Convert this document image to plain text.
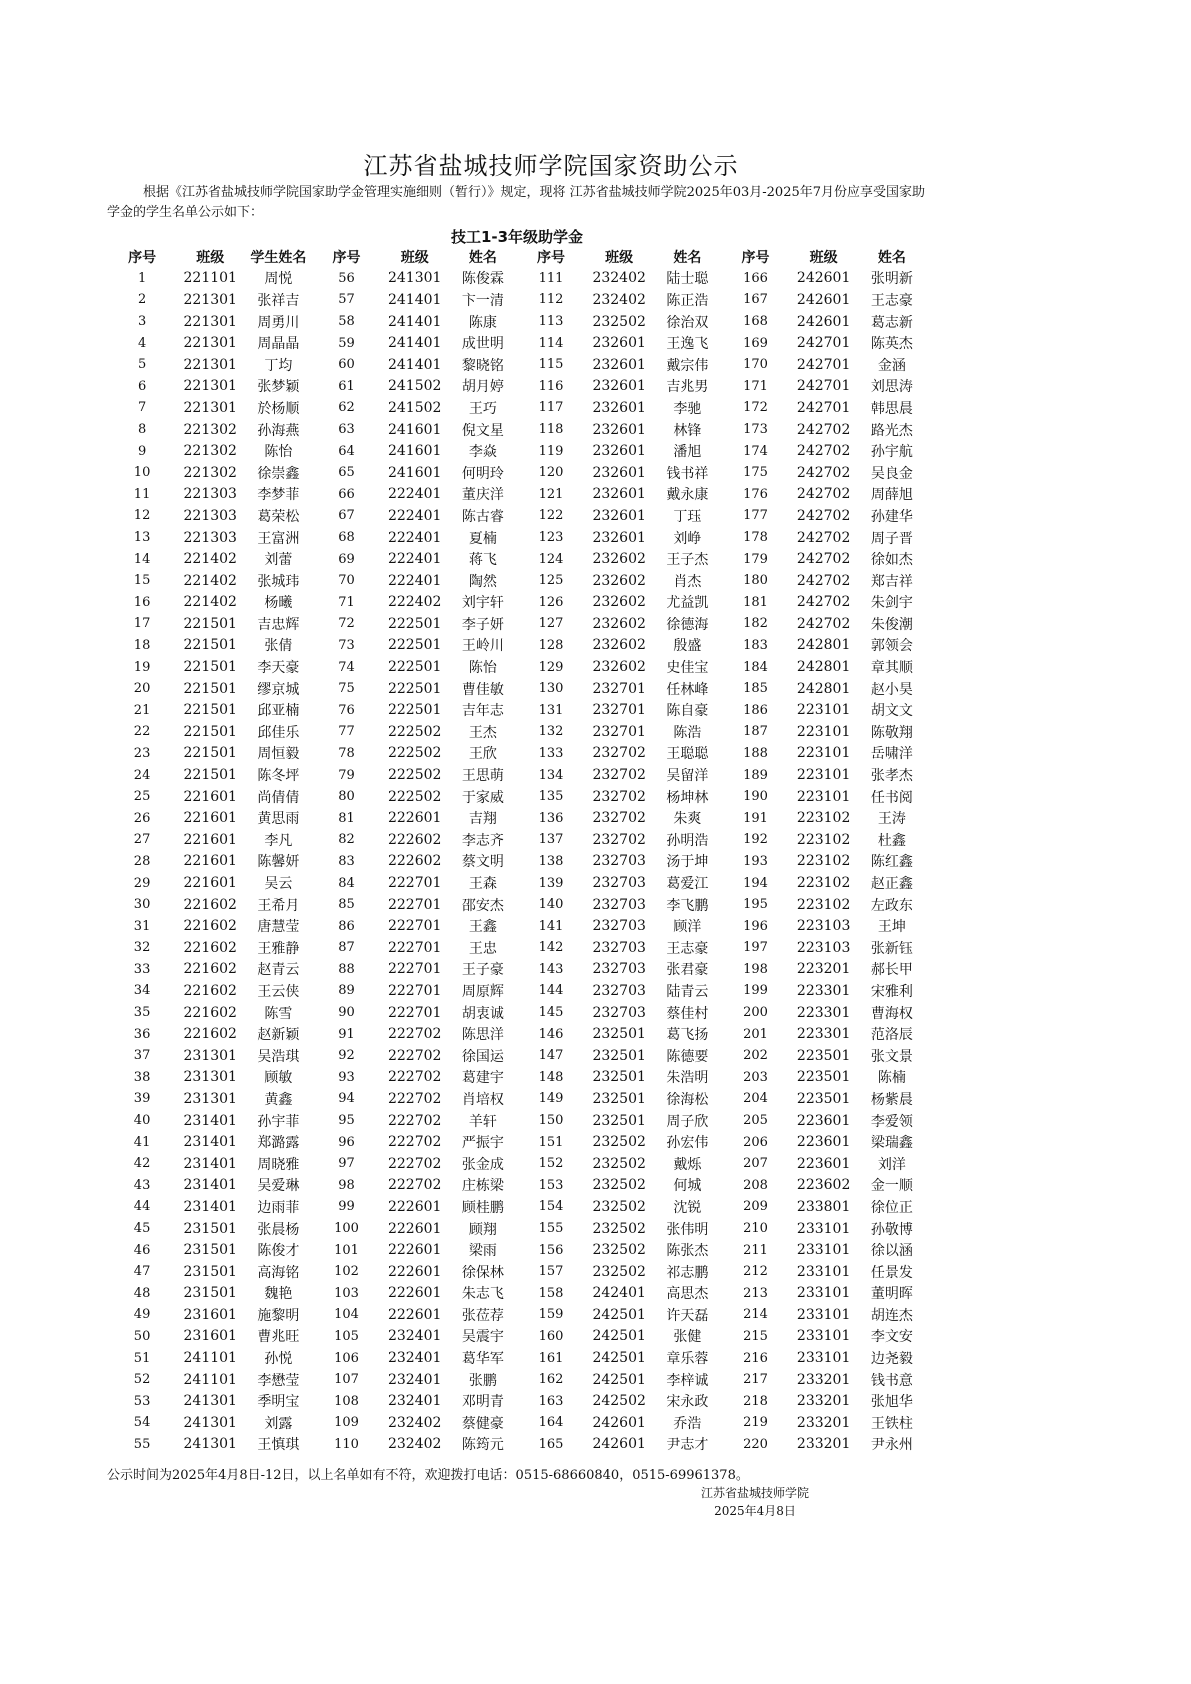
江苏省盐城技师学院国家资助公示
根据《江苏省盐城技师学院国家助学金管理实施细则（暂行）》规定，现将 江苏省盐城技师学院2025年03月-2025年7月份应享受国家助学金的学生名单公示如下：
技工1-3年级助学金
序号	班级	学生姓名	序号	班级	姓名	序号	班级	姓名	序号	班级	姓名
1	221101	周悦	56	241301	陈俊霖	111	232402	陆士聪	166	242601	张明新
2	221301	张祥吉	57	241401	卞一清	112	232402	陈正浩	167	242601	王志豪
3	221301	周勇川	58	241401	陈康	113	232502	徐治双	168	242601	葛志新
4	221301	周晶晶	59	241401	成世明	114	232601	王逸飞	169	242701	陈英杰
5	221301	丁均	60	241401	黎晓铭	115	232601	戴宗伟	170	242701	金涵
6	221301	张梦颖	61	241502	胡月婷	116	232601	吉兆男	171	242701	刘思涛
7	221301	於杨顺	62	241502	王巧	117	232601	李驰	172	242701	韩思晨
8	221302	孙海燕	63	241601	倪文星	118	232601	林锋	173	242702	路光杰
9	221302	陈怡	64	241601	李焱	119	232601	潘旭	174	242702	孙宇航
10	221302	徐崇鑫	65	241601	何明玲	120	232601	钱书祥	175	242702	吴良金
11	221303	李梦菲	66	222401	董庆洋	121	232601	戴永康	176	242702	周薛旭
12	221303	葛荣松	67	222401	陈古睿	122	232601	丁珏	177	242702	孙建华
13	221303	王富洲	68	222401	夏楠	123	232601	刘峥	178	242702	周子晋
14	221402	刘蕾	69	222401	蒋飞	124	232602	王子杰	179	242702	徐如杰
15	221402	张城玮	70	222401	陶然	125	232602	肖杰	180	242702	郑吉祥
16	221402	杨曦	71	222402	刘宇轩	126	232602	尤益凯	181	242702	朱剑宇
17	221501	吉忠辉	72	222501	李子妍	127	232602	徐德海	182	242702	朱俊潮
18	221501	张倩	73	222501	王岭川	128	232602	殷盛	183	242801	郭领会
19	221501	李天豪	74	222501	陈怡	129	232602	史佳宝	184	242801	章其顺
20	221501	缪京城	75	222501	曹佳敏	130	232701	任林峰	185	242801	赵小昊
21	221501	邱亚楠	76	222501	吉年志	131	232701	陈自豪	186	223101	胡文文
22	221501	邱佳乐	77	222502	王杰	132	232701	陈浩	187	223101	陈敬翔
23	221501	周恒毅	78	222502	王欣	133	232702	王聪聪	188	223101	岳啸洋
24	221501	陈冬坪	79	222502	王思萌	134	232702	吴留洋	189	223101	张孝杰
25	221601	尚倩倩	80	222502	于家威	135	232702	杨坤林	190	223101	任书阅
26	221601	黄思雨	81	222601	吉翔	136	232702	朱爽	191	223102	王涛
27	221601	李凡	82	222602	李志齐	137	232702	孙明浩	192	223102	杜鑫
28	221601	陈馨妍	83	222602	蔡文明	138	232703	汤于坤	193	223102	陈红鑫
29	221601	吴云	84	222701	王森	139	232703	葛爱江	194	223102	赵正鑫
30	221602	王希月	85	222701	邵安杰	140	232703	李飞鹏	195	223102	左政东
31	221602	唐慧莹	86	222701	王鑫	141	232703	顾洋	196	223103	王坤
32	221602	王雅静	87	222701	王忠	142	232703	王志豪	197	223103	张新钰
33	221602	赵青云	88	222701	王子豪	143	232703	张君豪	198	223201	郝长甲
34	221602	王云侠	89	222701	周原辉	144	232703	陆青云	199	223301	宋雅利
35	221602	陈雪	90	222701	胡衷诚	145	232703	蔡佳村	200	223301	曹海权
36	221602	赵新颖	91	222702	陈思洋	146	232501	葛飞扬	201	223301	范洛辰
37	231301	吴浩琪	92	222702	徐国运	147	232501	陈德要	202	223501	张文景
38	231301	顾敏	93	222702	葛建宇	148	232501	朱浩明	203	223501	陈楠
39	231301	黄鑫	94	222702	肖培权	149	232501	徐海松	204	223501	杨紫晨
40	231401	孙宇菲	95	222702	羊轩	150	232501	周子欣	205	223601	李爱领
41	231401	郑潞露	96	222702	严振宇	151	232502	孙宏伟	206	223601	梁瑞鑫
42	231401	周晓雅	97	222702	张金成	152	232502	戴烁	207	223601	刘洋
43	231401	吴爱琳	98	222702	庄栋梁	153	232502	何城	208	223602	金一顺
44	231401	边雨菲	99	222601	顾桂鹏	154	232502	沈锐	209	233801	徐位正
45	231501	张晨杨	100	222601	顾翔	155	232502	张伟明	210	233101	孙敬博
46	231501	陈俊才	101	222601	梁雨	156	232502	陈张杰	211	233101	徐以涵
47	231501	高海铭	102	222601	徐保林	157	232502	祁志鹏	212	233101	任景发
48	231501	魏艳	103	222601	朱志飞	158	242401	高思杰	213	233101	董明晖
49	231601	施黎明	104	222601	张莅荐	159	242501	许天磊	214	233101	胡连杰
50	231601	曹兆旺	105	232401	吴震宇	160	242501	张健	215	233101	李文安
51	241101	孙悦	106	232401	葛华军	161	242501	章乐蓉	216	233101	边尧毅
52	241101	李懋莹	107	232401	张鹏	162	242501	李梓诚	217	233201	钱书意
53	241301	季明宝	108	232401	邓明青	163	242502	宋永政	218	233201	张旭华
54	241301	刘露	109	232402	蔡健豪	164	242601	乔浩	219	233201	王铁柱
55	241301	王慎琪	110	232402	陈筠元	165	242601	尹志才	220	233201	尹永州
公示时间为2025年4月8日-12日，以上名单如有不符，欢迎拨打电话：0515-68660840，0515-69961378。
江苏省盐城技师学院
2025年4月8日
